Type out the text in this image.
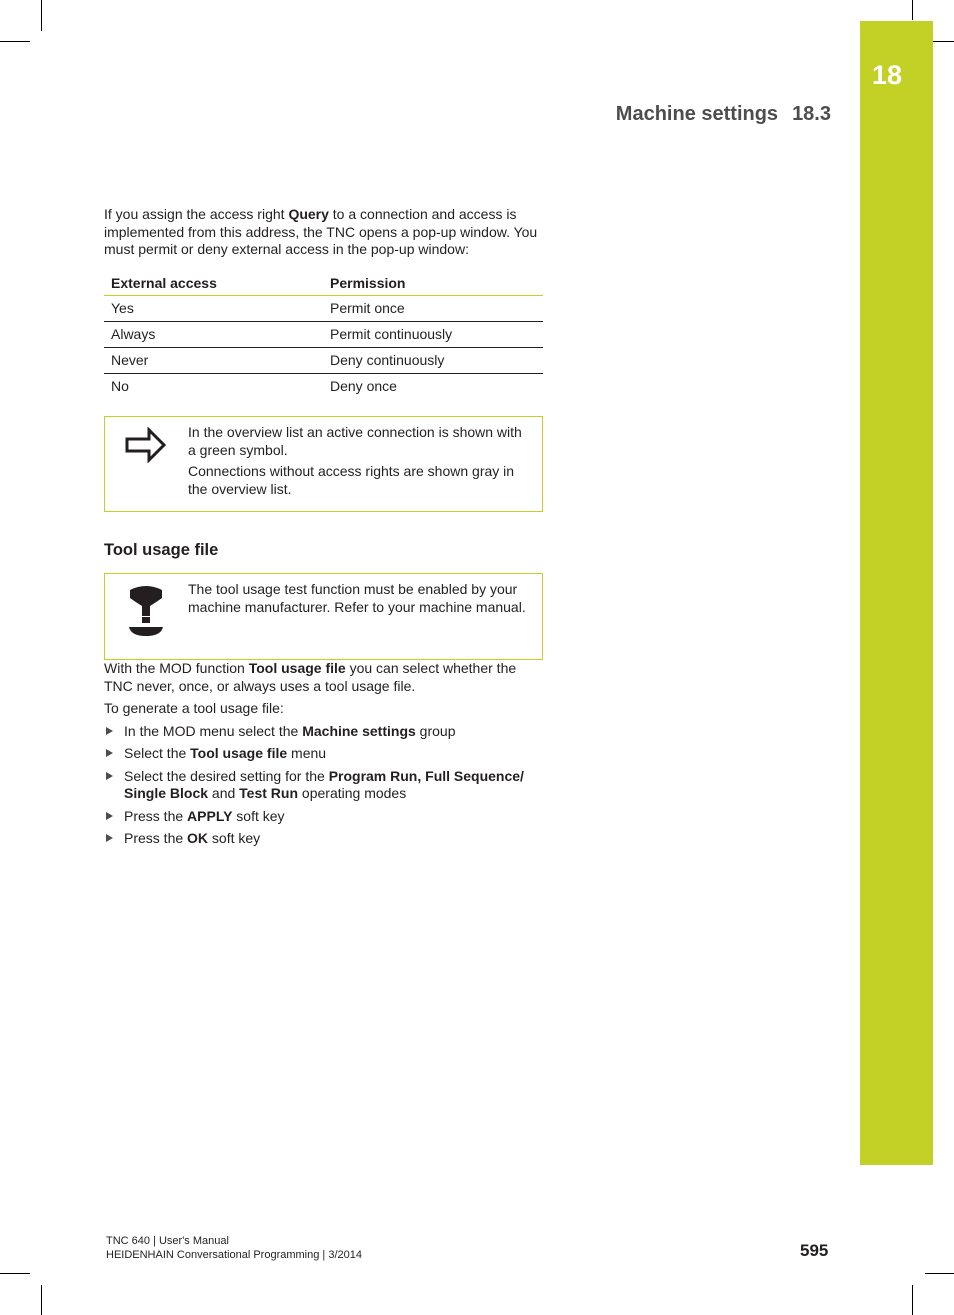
18
Machine settings 18.3

If you assign the access right Query to a connection and access is implemented from this address, the TNC opens a pop-up window. You must permit or deny external access in the pop-up window:

External access	Permission
Yes	Permit once
Always	Permit continuously
Never	Deny continuously
No	Deny once

In the overview list an active connection is shown with a green symbol.

Connections without access rights are shown gray in the overview list.

Tool usage file

The tool usage test function must be enabled by your machine manufacturer. Refer to your machine manual.

With the MOD function Tool usage file you can select whether the TNC never, once, or always uses a tool usage file.

To generate a tool usage file:

In the MOD menu select the Machine settings group
Select the Tool usage file menu
Select the desired setting for the Program Run, Full Sequence/ Single Block and Test Run operating modes
Press the APPLY soft key
Press the OK soft key
TNC 640 | User's Manual
HEIDENHAIN Conversational Programming | 3/2014	595
